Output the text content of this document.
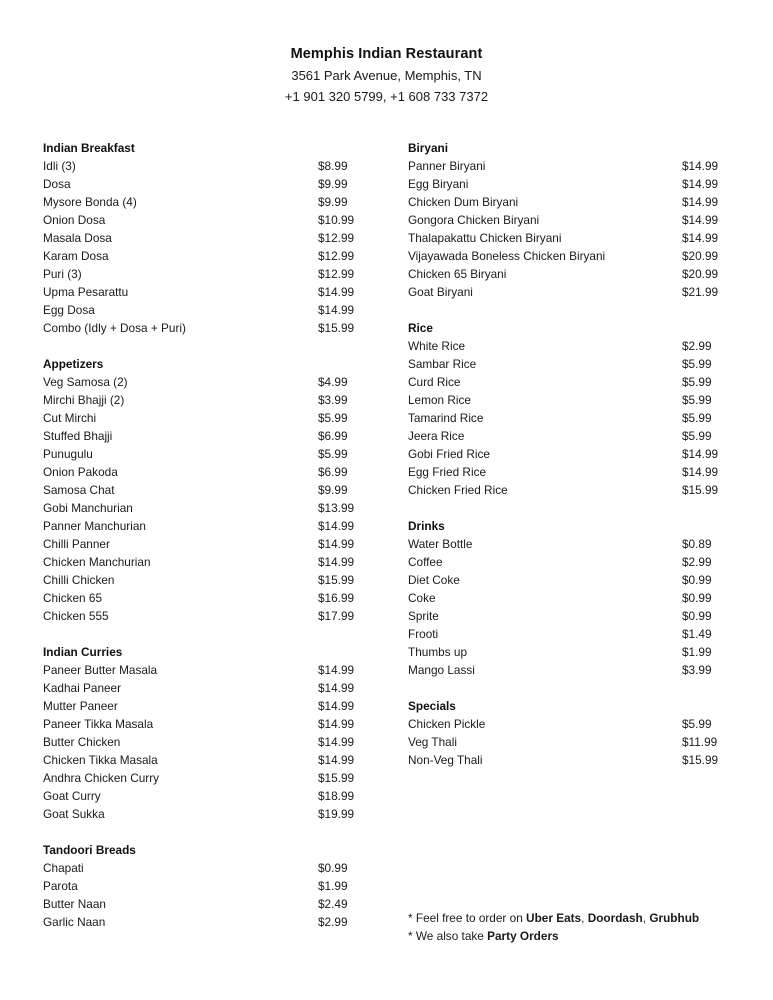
Memphis Indian Restaurant
3561 Park Avenue, Memphis, TN
+1 901 320 5799, +1 608 733 7372
Indian Breakfast
Idli (3)	$8.99
Dosa	$9.99
Mysore Bonda (4)	$9.99
Onion Dosa	$10.99
Masala Dosa	$12.99
Karam Dosa	$12.99
Puri (3)	$12.99
Upma Pesarattu	$14.99
Egg Dosa	$14.99
Combo (Idly + Dosa + Puri)	$15.99
Appetizers
Veg Samosa (2)	$4.99
Mirchi Bhajji (2)	$3.99
Cut Mirchi	$5.99
Stuffed Bhajji	$6.99
Punugulu	$5.99
Onion Pakoda	$6.99
Samosa Chat	$9.99
Gobi Manchurian	$13.99
Panner Manchurian	$14.99
Chilli Panner	$14.99
Chicken Manchurian	$14.99
Chilli Chicken	$15.99
Chicken 65	$16.99
Chicken 555	$17.99
Indian Curries
Paneer Butter Masala	$14.99
Kadhai Paneer	$14.99
Mutter Paneer	$14.99
Paneer Tikka Masala	$14.99
Butter Chicken	$14.99
Chicken Tikka Masala	$14.99
Andhra Chicken Curry	$15.99
Goat Curry	$18.99
Goat Sukka	$19.99
Tandoori Breads
Chapati	$0.99
Parota	$1.99
Butter Naan	$2.49
Garlic Naan	$2.99
Biryani
Panner Biryani	$14.99
Egg Biryani	$14.99
Chicken Dum Biryani	$14.99
Gongora Chicken Biryani	$14.99
Thalapakattu Chicken Biryani	$14.99
Vijayawada Boneless Chicken Biryani	$20.99
Chicken 65 Biryani	$20.99
Goat Biryani	$21.99
Rice
White Rice	$2.99
Sambar Rice	$5.99
Curd Rice	$5.99
Lemon Rice	$5.99
Tamarind Rice	$5.99
Jeera Rice	$5.99
Gobi Fried Rice	$14.99
Egg Fried Rice	$14.99
Chicken Fried Rice	$15.99
Drinks
Water Bottle	$0.89
Coffee	$2.99
Diet Coke	$0.99
Coke	$0.99
Sprite	$0.99
Frooti	$1.49
Thumbs up	$1.99
Mango Lassi	$3.99
Specials
Chicken Pickle	$5.99
Veg Thali	$11.99
Non-Veg Thali	$15.99
* Feel free to order on Uber Eats, Doordash, Grubhub
* We also take Party Orders
